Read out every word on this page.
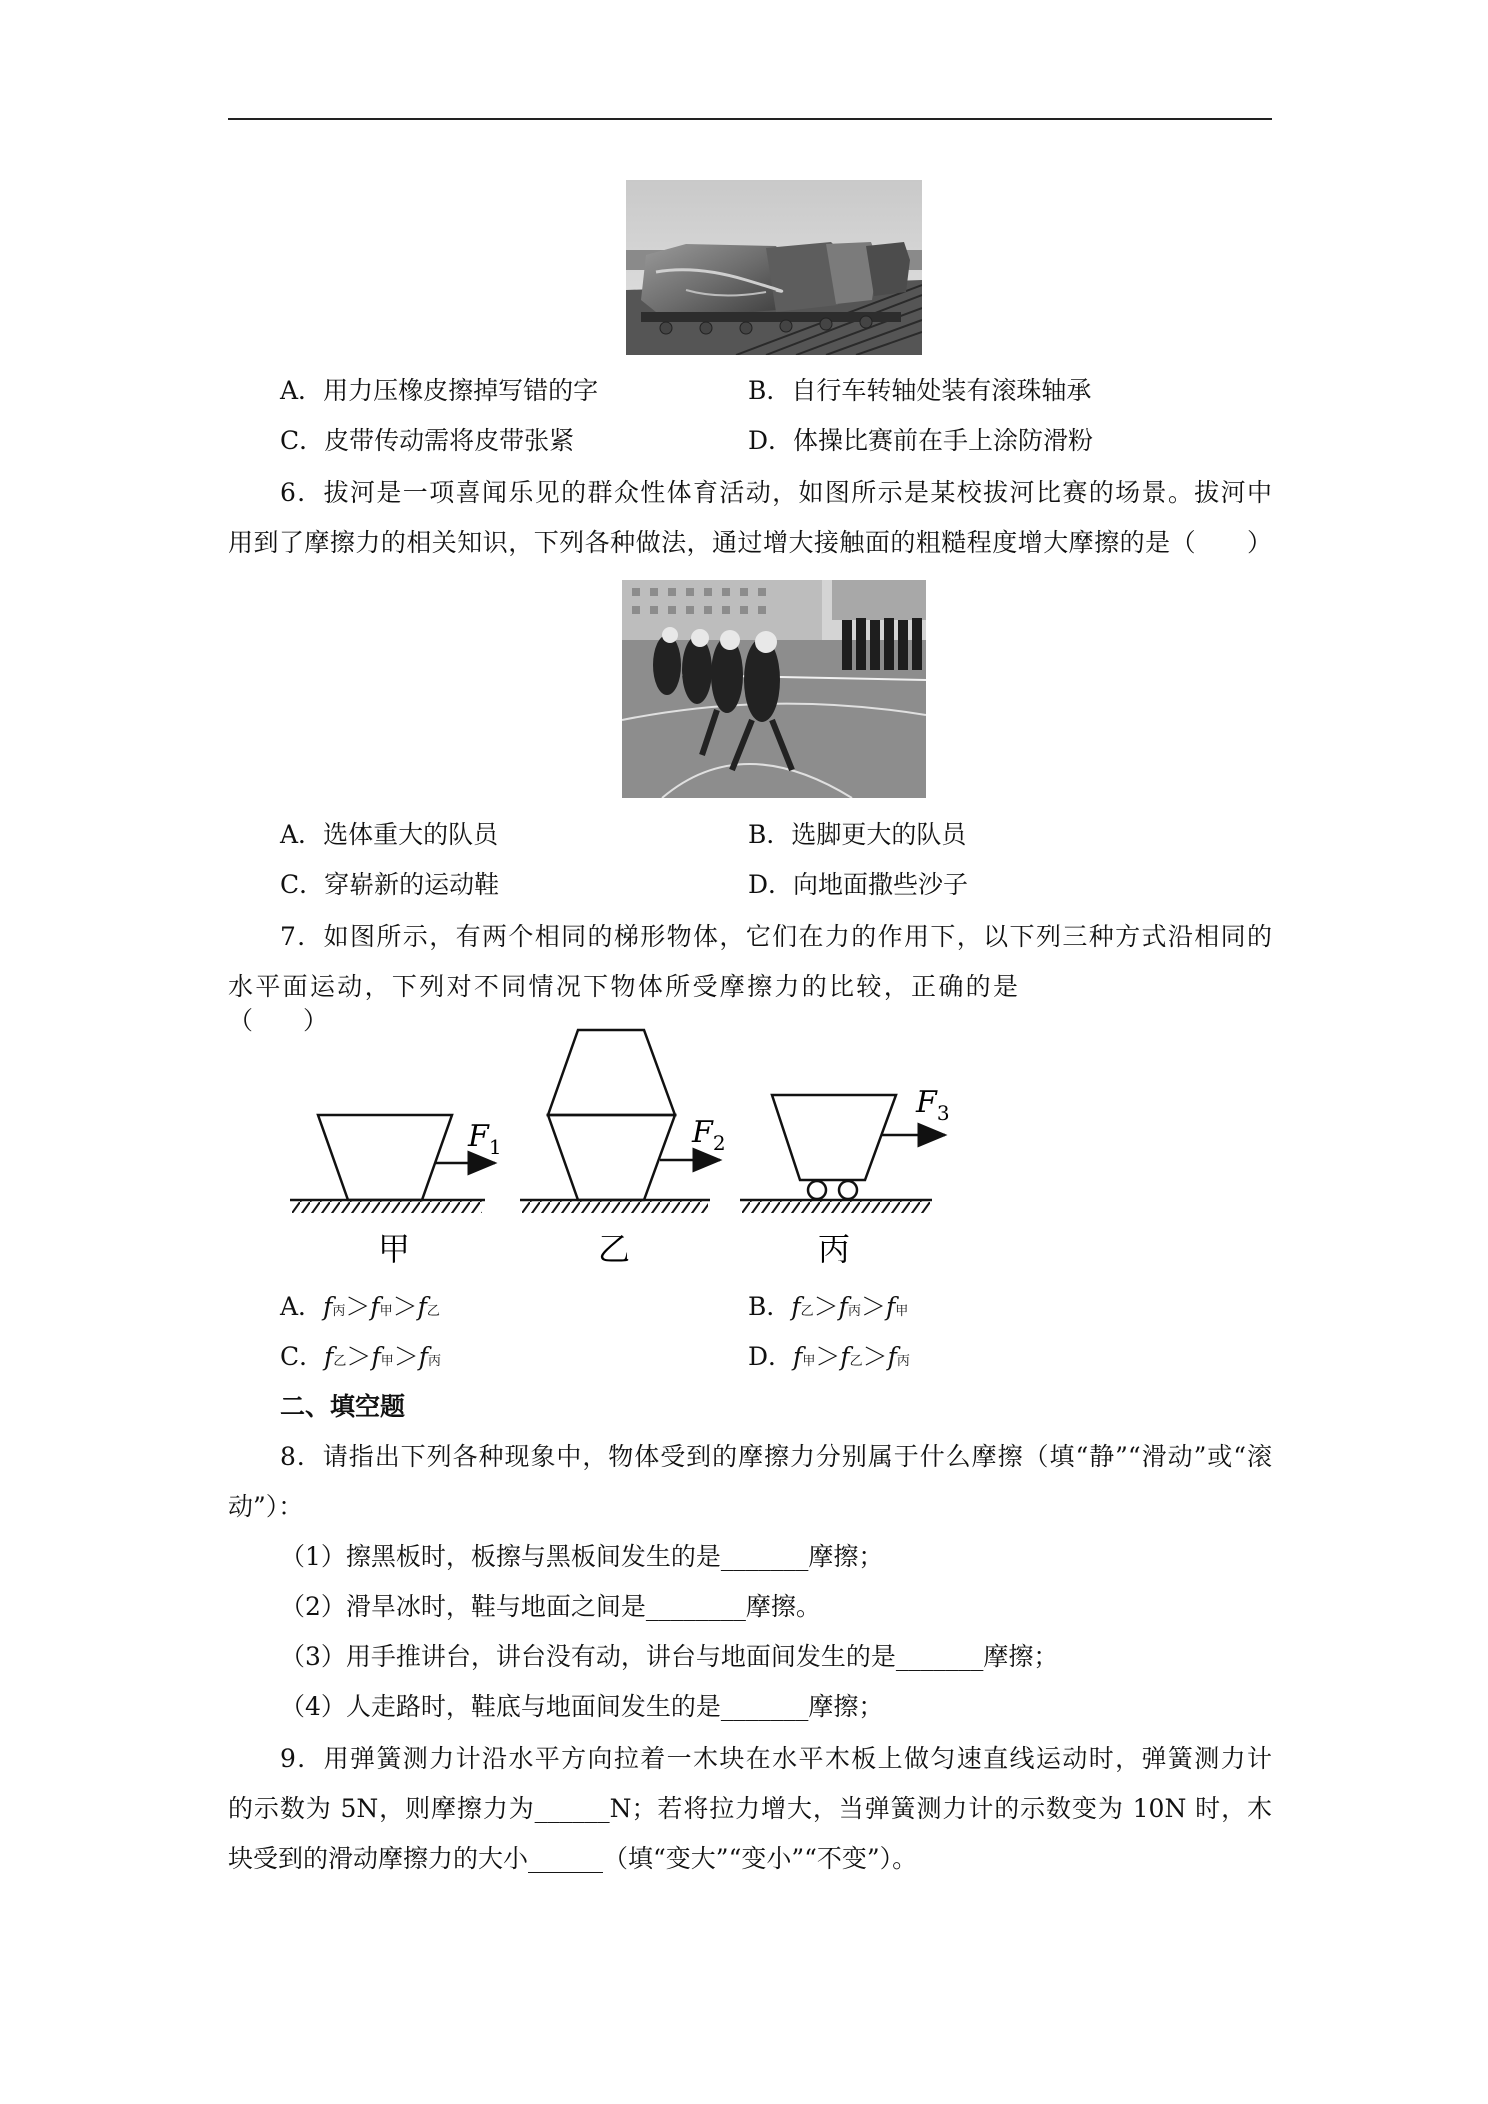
A．用力压橡皮擦掉写错的字	B．自行车转轴处装有滚珠轴承
C．皮带传动需将皮带张紧	D．体操比赛前在手上涂防滑粉
6．拔河是一项喜闻乐见的群众性体育活动，如图所示是某校拔河比赛的场景。拔河中
用到了摩擦力的相关知识，下列各种做法，通过增大接触面的粗糙程度增大摩擦的是（　　）
A．选体重大的队员	B．选脚更大的队员
C．穿崭新的运动鞋	D．向地面撒些沙子
7．如图所示，有两个相同的梯形物体，它们在力的作用下，以下列三种方式沿相同的
水平面运动，下列对不同情况下物体所受摩擦力的比较，正确的是（　　）
$F_1$
甲
$F_2$
乙
$F_3$
丙
A．f丙＞f甲＞f乙	B．f乙＞f丙＞f甲
C．f乙＞f甲＞f丙	D．f甲＞f乙＞f丙
二、填空题
8．请指出下列各种现象中，物体受到的摩擦力分别属于什么摩擦（填“静”“滑动”或“滚
动”）：
（1）擦黑板时，板擦与黑板间发生的是_______摩擦；
（2）滑旱冰时，鞋与地面之间是________摩擦。
（3）用手推讲台，讲台没有动，讲台与地面间发生的是_______摩擦；
（4）人走路时，鞋底与地面间发生的是_______摩擦；
9．用弹簧测力计沿水平方向拉着一木块在水平木板上做匀速直线运动时，弹簧测力计
的示数为 5N，则摩擦力为______N；若将拉力增大，当弹簧测力计的示数变为 10N 时，木
块受到的滑动摩擦力的大小______（填“变大”“变小”“不变”）。
